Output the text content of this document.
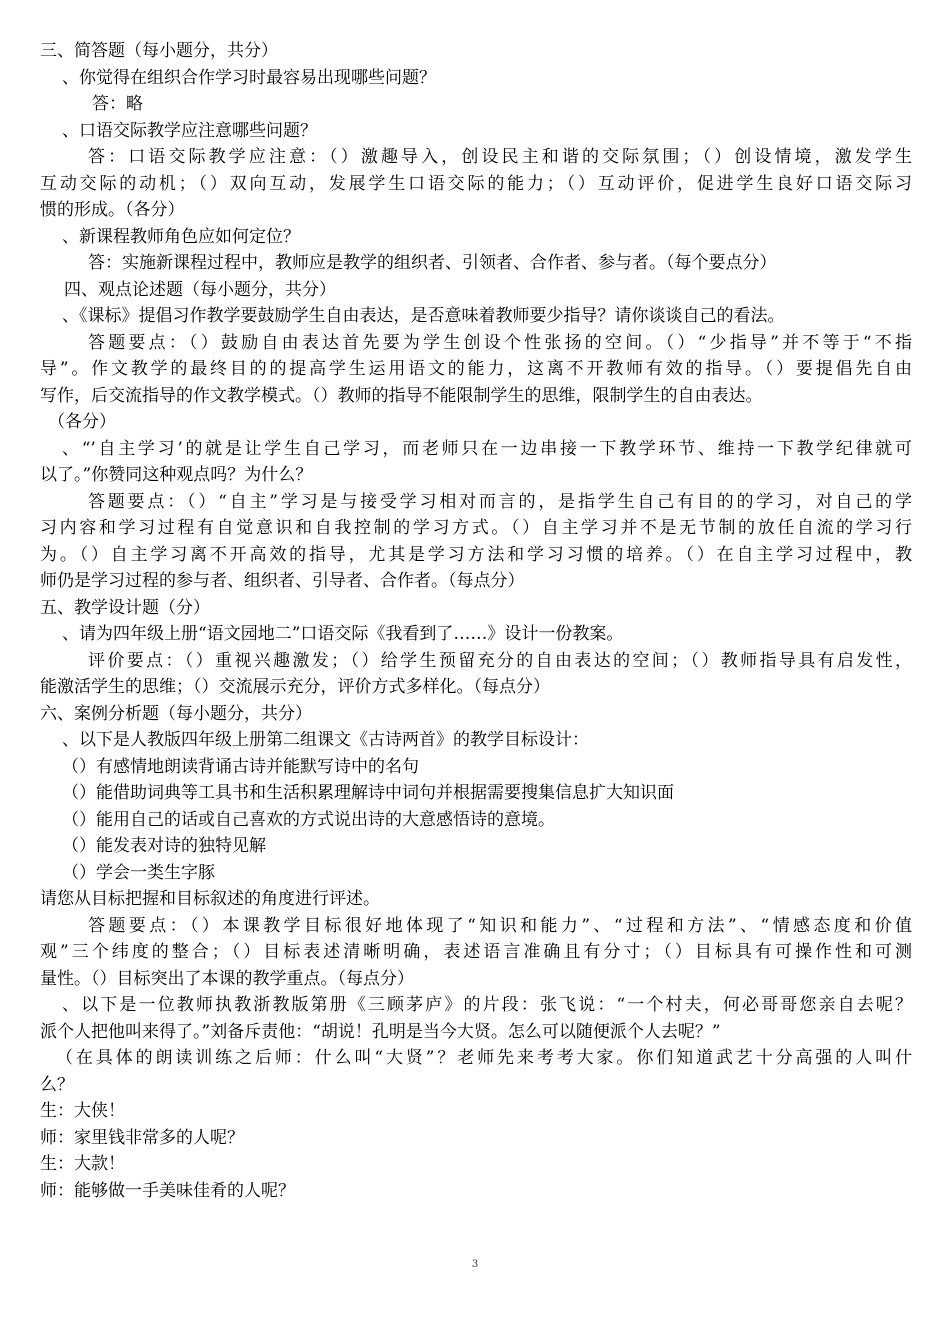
三、简答题（每小题分，共分）
、你觉得在组织合作学习时最容易出现哪些问题？
答：略
、口语交际教学应注意哪些问题？
答：口语交际教学应注意：（）激趣导入，创设民主和谐的交际氛围；（）创设情境，激发学生
互动交际的动机；（）双向互动，发展学生口语交际的能力；（）互动评价，促进学生良好口语交际习
惯的形成。（各分）
、新课程教师角色应如何定位？
答：实施新课程过程中，教师应是教学的组织者、引领者、合作者、参与者。（每个要点分）
四、观点论述题（每小题分，共分）
、《课标》提倡习作教学要鼓励学生自由表达，是否意味着教师要少指导？请你谈谈自己的看法。
答题要点：（）鼓励自由表达首先要为学生创设个性张扬的空间。（）“少指导”并不等于“不指
导”。作文教学的最终目的的提高学生运用语文的能力，这离不开教师有效的指导。（）要提倡先自由
写作，后交流指导的作文教学模式。（）教师的指导不能限制学生的思维，限制学生的自由表达。
（各分）
、“’自主学习’的就是让学生自己学习，而老师只在一边串接一下教学环节、维持一下教学纪律就可
以了。”你赞同这种观点吗？为什么？
答题要点：（）“自主”学习是与接受学习相对而言的，是指学生自己有目的的学习，对自己的学
习内容和学习过程有自觉意识和自我控制的学习方式。（）自主学习并不是无节制的放任自流的学习行
为。（）自主学习离不开高效的指导，尤其是学习方法和学习习惯的培养。（）在自主学习过程中，教
师仍是学习过程的参与者、组织者、引导者、合作者。（每点分）
五、教学设计题（分）
、请为四年级上册“语文园地二”口语交际《我看到了……》设计一份教案。
评价要点：（）重视兴趣激发；（）给学生预留充分的自由表达的空间；（）教师指导具有启发性，
能激活学生的思维；（）交流展示充分，评价方式多样化。（每点分）
六、案例分析题（每小题分，共分）
、以下是人教版四年级上册第二组课文《古诗两首》的教学目标设计：
（）有感情地朗读背诵古诗并能默写诗中的名句
（）能借助词典等工具书和生活积累理解诗中词句并根据需要搜集信息扩大知识面
（）能用自己的话或自己喜欢的方式说出诗的大意感悟诗的意境。
（）能发表对诗的独特见解
（）学会一类生字豚
请您从目标把握和目标叙述的角度进行评述。
答题要点：（）本课教学目标很好地体现了“知识和能力”、“过程和方法”、“情感态度和价值
观”三个纬度的整合；（）目标表述清晰明确，表述语言准确且有分寸；（）目标具有可操作性和可测
量性。（）目标突出了本课的教学重点。（每点分）
、以下是一位教师执教浙教版第册《三顾茅庐》的片段：张飞说：“一个村夫，何必哥哥您亲自去呢？
派个人把他叫来得了。”刘备斥责他：“胡说！孔明是当今大贤。怎么可以随便派个人去呢？”
（在具体的朗读训练之后师：什么叫“大贤”？老师先来考考大家。你们知道武艺十分高强的人叫什
么？
生：大侠！
师：家里钱非常多的人呢？
生：大款！
师：能够做一手美味佳肴的人呢？
3
